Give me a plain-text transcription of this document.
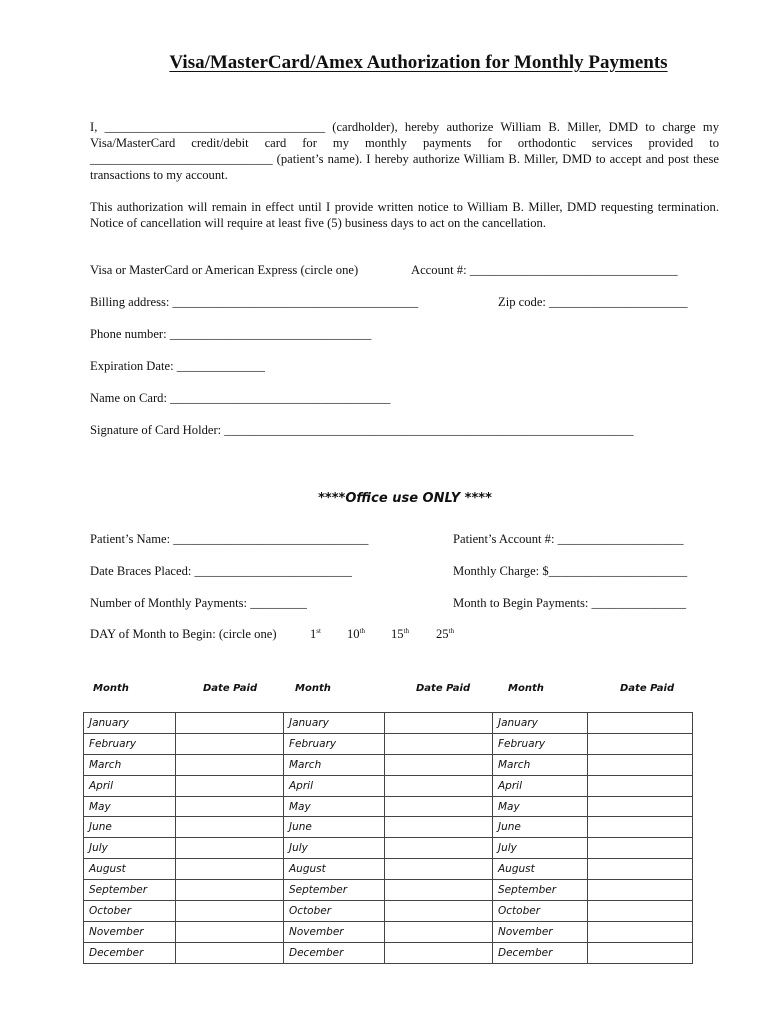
Visa/MasterCard/Amex Authorization for Monthly Payments
I, ___________________________________ (cardholder), hereby authorize William B. Miller, DMD to charge my Visa/MasterCard credit/debit card for my monthly payments for orthodontic services provided to _____________________________ (patient’s name). I hereby authorize William B. Miller, DMD to accept and post these transactions to my account.
This authorization will remain in effect until I provide written notice to William B. Miller, DMD requesting termination. Notice of cancellation will require at least five (5) business days to act on the cancellation.
Visa or MasterCard or American Express (circle one)	Account #: _________________________________
Billing address: _______________________________________	Zip code: ______________________
Phone number: ________________________________
Expiration Date: ______________
Name on Card: ___________________________________
Signature of Card Holder: _________________________________________________________________
****Office use ONLY ****
Patient’s Name: _______________________________	Patient’s Account #: ____________________
Date Braces Placed: _________________________	Monthly Charge: $______________________
Number of Monthly Payments: _________	Month to Begin Payments: _______________
DAY of Month to Begin: (circle one)	1st 10th 15th 25th
Month	Date Paid	Month	Date Paid	Month	Date Paid
January		January		January	
February		February		February	
March		March		March	
April		April		April	
May		May		May	
June		June		June	
July		July		July	
August		August		August	
September		September		September	
October		October		October	
November		November		November	
December		December		December	
